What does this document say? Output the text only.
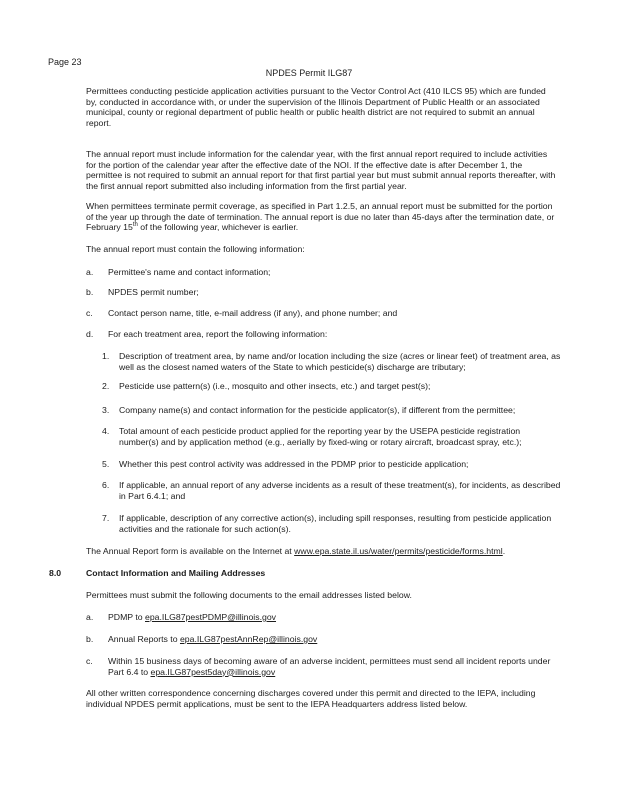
Page 23
NPDES Permit ILG87
Permittees conducting pesticide application activities pursuant to the Vector Control Act (410 ILCS 95) which are funded by, conducted in accordance with, or under the supervision of the Illinois Department of Public Health or an associated municipal, county or regional department of public health or public health district are not required to submit an annual report.
The annual report must include information for the calendar year, with the first annual report required to include activities for the portion of the calendar year after the effective date of the NOI. If the effective date is after December 1, the permittee is not required to submit an annual report for that first partial year but must submit annual reports thereafter, with the first annual report submitted also including information from the first partial year.
When permittees terminate permit coverage, as specified in Part 1.2.5, an annual report must be submitted for the portion of the year up through the date of termination. The annual report is due no later than 45-days after the termination date, or February 15th of the following year, whichever is earlier.
The annual report must contain the following information:
a. Permittee's name and contact information;
b. NPDES permit number;
c. Contact person name, title, e-mail address (if any), and phone number; and
d. For each treatment area, report the following information:
1. Description of treatment area, by name and/or location including the size (acres or linear feet) of treatment area, as well as the closest named waters of the State to which pesticide(s) discharge are tributary;
2. Pesticide use pattern(s) (i.e., mosquito and other insects, etc.) and target pest(s);
3. Company name(s) and contact information for the pesticide applicator(s), if different from the permittee;
4. Total amount of each pesticide product applied for the reporting year by the USEPA pesticide registration number(s) and by application method (e.g., aerially by fixed-wing or rotary aircraft, broadcast spray, etc.);
5. Whether this pest control activity was addressed in the PDMP prior to pesticide application;
6. If applicable, an annual report of any adverse incidents as a result of these treatment(s), for incidents, as described in Part 6.4.1; and
7. If applicable, description of any corrective action(s), including spill responses, resulting from pesticide application activities and the rationale for such action(s).
The Annual Report form is available on the Internet at www.epa.state.il.us/water/permits/pesticide/forms.html.
8.0	Contact Information and Mailing Addresses
Permittees must submit the following documents to the email addresses listed below.
a. PDMP to epa.ILG87pestPDMP@illinois.gov
b. Annual Reports to epa.ILG87pestAnnRep@illinois.gov
c. Within 15 business days of becoming aware of an adverse incident, permittees must send all incident reports under Part 6.4 to epa.ILG87pest5day@illinois.gov
All other written correspondence concerning discharges covered under this permit and directed to the IEPA, including individual NPDES permit applications, must be sent to the IEPA Headquarters address listed below.
